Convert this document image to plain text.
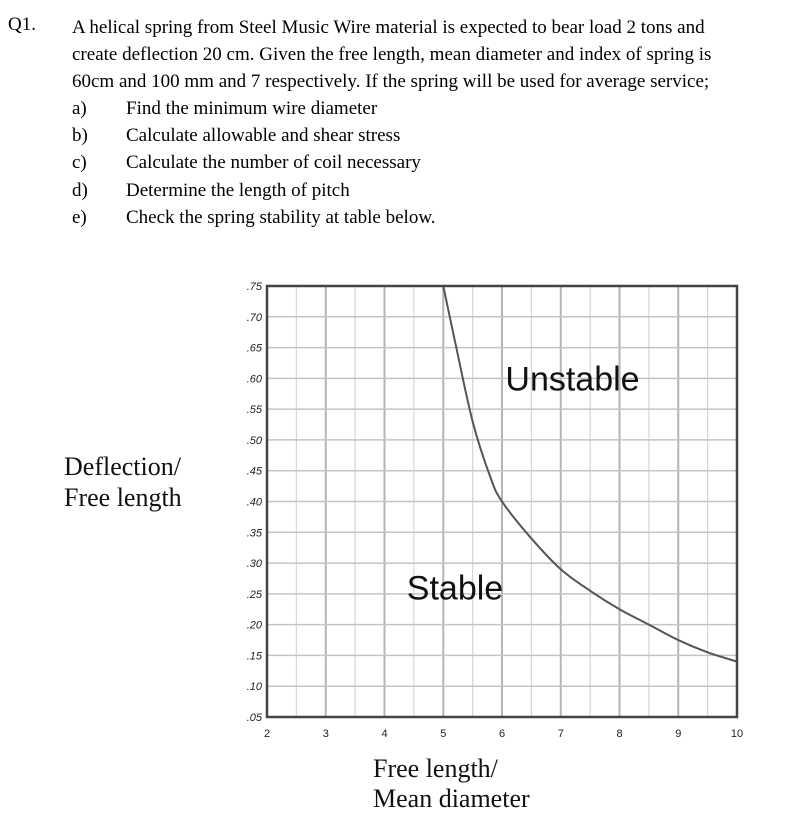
Q1. A helical spring from Steel Music Wire material is expected to bear load 2 tons and
create deflection 20 cm. Given the free length, mean diameter and index of spring is
60cm and 100 mm and 7 respectively. If the spring will be used for average service;
a) Find the minimum wire diameter
b) Calculate allowable and shear stress
c) Calculate the number of coil necessary
d) Determine the length of pitch
e) Check the spring stability at table below.
.75
.70
.65
.60
.55
.50
.45
.40
.35
.30
.25
.20
.15
.10
.05
2	3	4	5	6	7	8	9	10
Unstable
Stable
Deflection/
Free length
Free length/
Mean diameter
